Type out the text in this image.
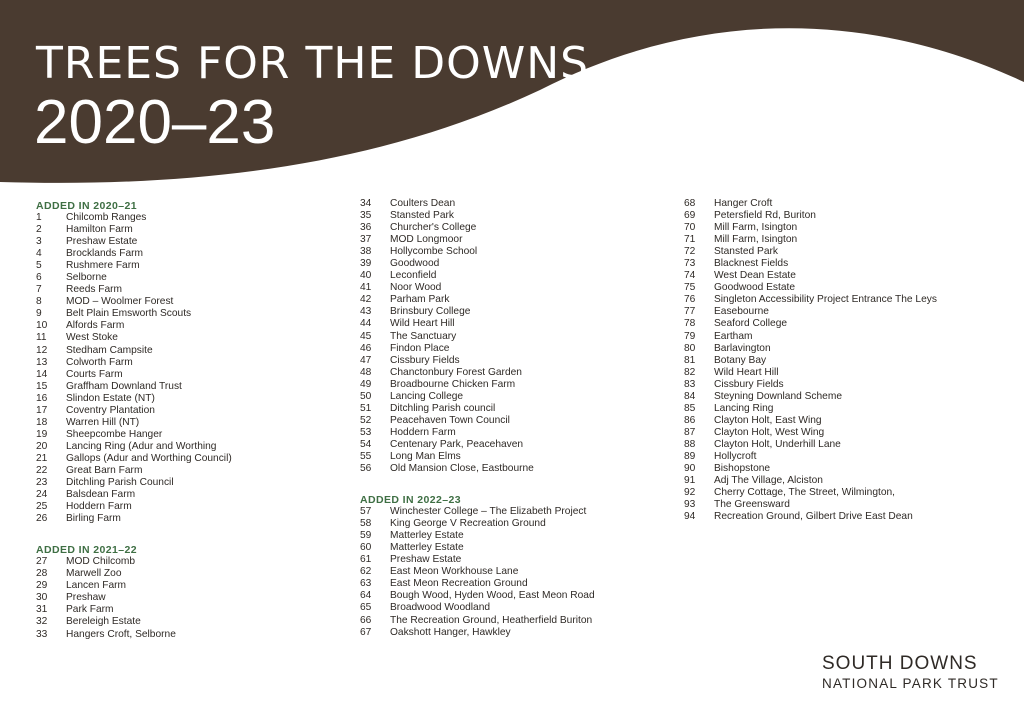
TREES FOR THE DOWNS
2020–23
ADDED IN 2020–21
1 Chilcomb Ranges
2 Hamilton Farm
3 Preshaw Estate
4 Brocklands Farm
5 Rushmere Farm
6 Selborne
7 Reeds Farm
8 MOD – Woolmer Forest
9 Belt Plain Emsworth Scouts
10 Alfords Farm
11 West Stoke
12 Stedham Campsite
13 Colworth Farm
14 Courts Farm
15 Graffham Downland Trust
16 Slindon Estate (NT)
17 Coventry Plantation
18 Warren Hill (NT)
19 Sheepcombe Hanger
20 Lancing Ring (Adur and Worthing
21 Gallops (Adur and Worthing Council)
22 Great Barn Farm
23 Ditchling Parish Council
24 Balsdean Farm
25 Hoddern Farm
26 Birling Farm
ADDED IN 2021–22
27 MOD Chilcomb
28 Marwell Zoo
29 Lancen Farm
30 Preshaw
31 Park Farm
32 Bereleigh Estate
33 Hangers Croft, Selborne
34 Coulters Dean
35 Stansted Park
36 Churcher's College
37 MOD Longmoor
38 Hollycombe School
39 Goodwood
40 Leconfield
41 Noor Wood
42 Parham Park
43 Brinsbury College
44 Wild Heart Hill
45 The Sanctuary
46 Findon Place
47 Cissbury Fields
48 Chanctonbury Forest Garden
49 Broadbourne Chicken Farm
50 Lancing College
51 Ditchling Parish council
52 Peacehaven Town Council
53 Hoddern Farm
54 Centenary Park, Peacehaven
55 Long Man Elms
56 Old Mansion Close, Eastbourne
ADDED IN 2022–23
57 Winchester College – The Elizabeth Project
58 King George V Recreation Ground
59 Matterley Estate
60 Matterley Estate
61 Preshaw Estate
62 East Meon Workhouse Lane
63 East Meon Recreation Ground
64 Bough Wood, Hyden Wood, East Meon Road
65 Broadwood Woodland
66 The Recreation Ground, Heatherfield Buriton
67 Oakshott Hanger, Hawkley
68 Hanger Croft
69 Petersfield Rd, Buriton
70 Mill Farm, Isington
71 Mill Farm, Isington
72 Stansted Park
73 Blacknest Fields
74 West Dean Estate
75 Goodwood Estate
76 Singleton Accessibility Project Entrance The Leys
77 Easebourne
78 Seaford College
79 Eartham
80 Barlavington
81 Botany Bay
82 Wild Heart Hill
83 Cissbury Fields
84 Steyning Downland Scheme
85 Lancing Ring
86 Clayton Holt, East Wing
87 Clayton Holt, West Wing
88 Clayton Holt, Underhill Lane
89 Hollycroft
90 Bishopstone
91 Adj The Village, Alciston
92 Cherry Cottage, The Street, Wilmington,
93 The Greensward
94 Recreation Ground, Gilbert Drive East Dean
SOUTH DOWNS
NATIONAL PARK TRUST
